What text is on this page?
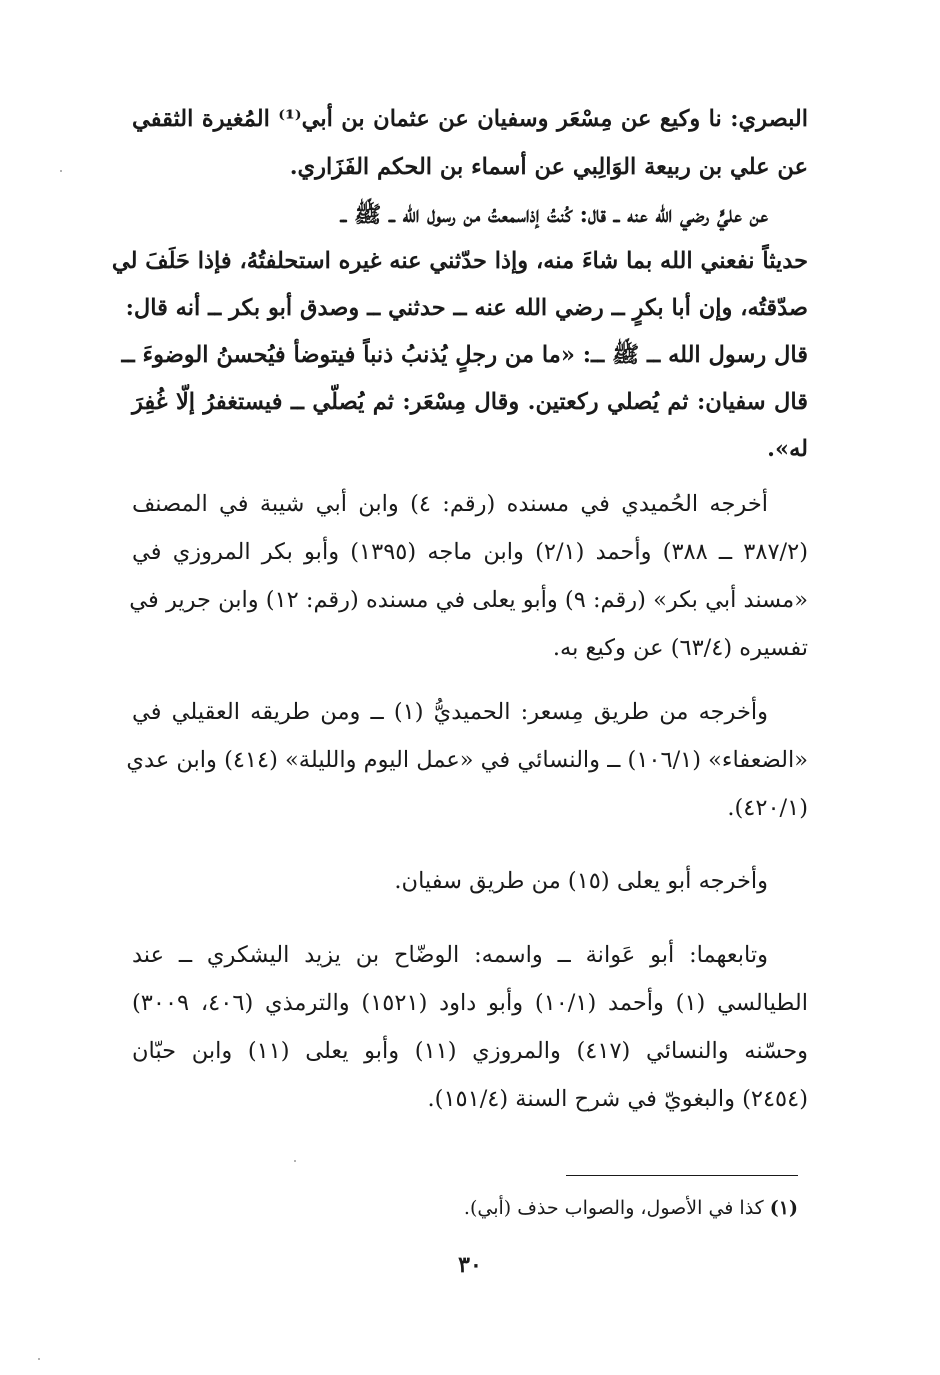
البصري: نا وكيع عن مِسْعَر وسفيان عن عثمان بن أبي⁽¹⁾ المُغيرة الثقفي
عن علي بن ربيعة الوَالِبي عن أسماء بن الحكم الفَزَاري.
عن عليٍّ رضي الله عنه ــ قال: كُنتُ إذاسمعتُ من رسول الله ــ ﷺ ــ
حديثاً نفعني الله بما شاءَ منه، وإذا حدّثني عنه غيره استحلفتُهُ، فإذا حَلَفَ لي
صدّقتُه، وإن أبا بكرٍ ــ رضي الله عنه ــ حدثني ــ وصدق أبو بكر ــ أنه قال:
قال رسول الله ــ ﷺ ــ: «ما من رجلٍ يُذنبُ ذنباً فيتوضأ فيُحسنُ الوضوءَ ــ
قال سفيان: ثم يُصلي ركعتين. وقال مِسْعَر: ثم يُصلّي ــ فيستغفرُ إلّا غُفِرَ
له».
أخرجه الحُميدي في مسنده (رقم: ٤) وابن أبي شيبة في المصنف
(٣٨٧/٢ ــ ٣٨٨) وأحمد (٢/١) وابن ماجه (١٣٩٥) وأبو بكر المروزي في
«مسند أبي بكر» (رقم: ٩) وأبو يعلى في مسنده (رقم: ١٢) وابن جرير في
تفسيره (٦٣/٤) عن وكيع به.
وأخرجه من طريق مِسعر: الحميديُّ (١) ــ ومن طريقه العقيلي في
«الضعفاء» (١٠٦/١) ــ والنسائي في «عمل اليوم والليلة» (٤١٤) وابن عدي
(٤٢٠/١).
وأخرجه أبو يعلى (١٥) من طريق سفيان.
وتابعهما: أبو عَوانة ــ واسمه: الوضّاح بن يزيد اليشكري ــ عند
الطيالسي (١) وأحمد (١٠/١) وأبو داود (١٥٢١) والترمذي (٤٠٦، ٣٠٠٩)
وحسّنه والنسائي (٤١٧) والمروزي (١١) وأبو يعلى (١١) وابن حبّان
(٢٤٥٤) والبغويّ في شرح السنة (١٥١/٤).
(١) كذا في الأصول، والصواب حذف (أبي).
٣٠
